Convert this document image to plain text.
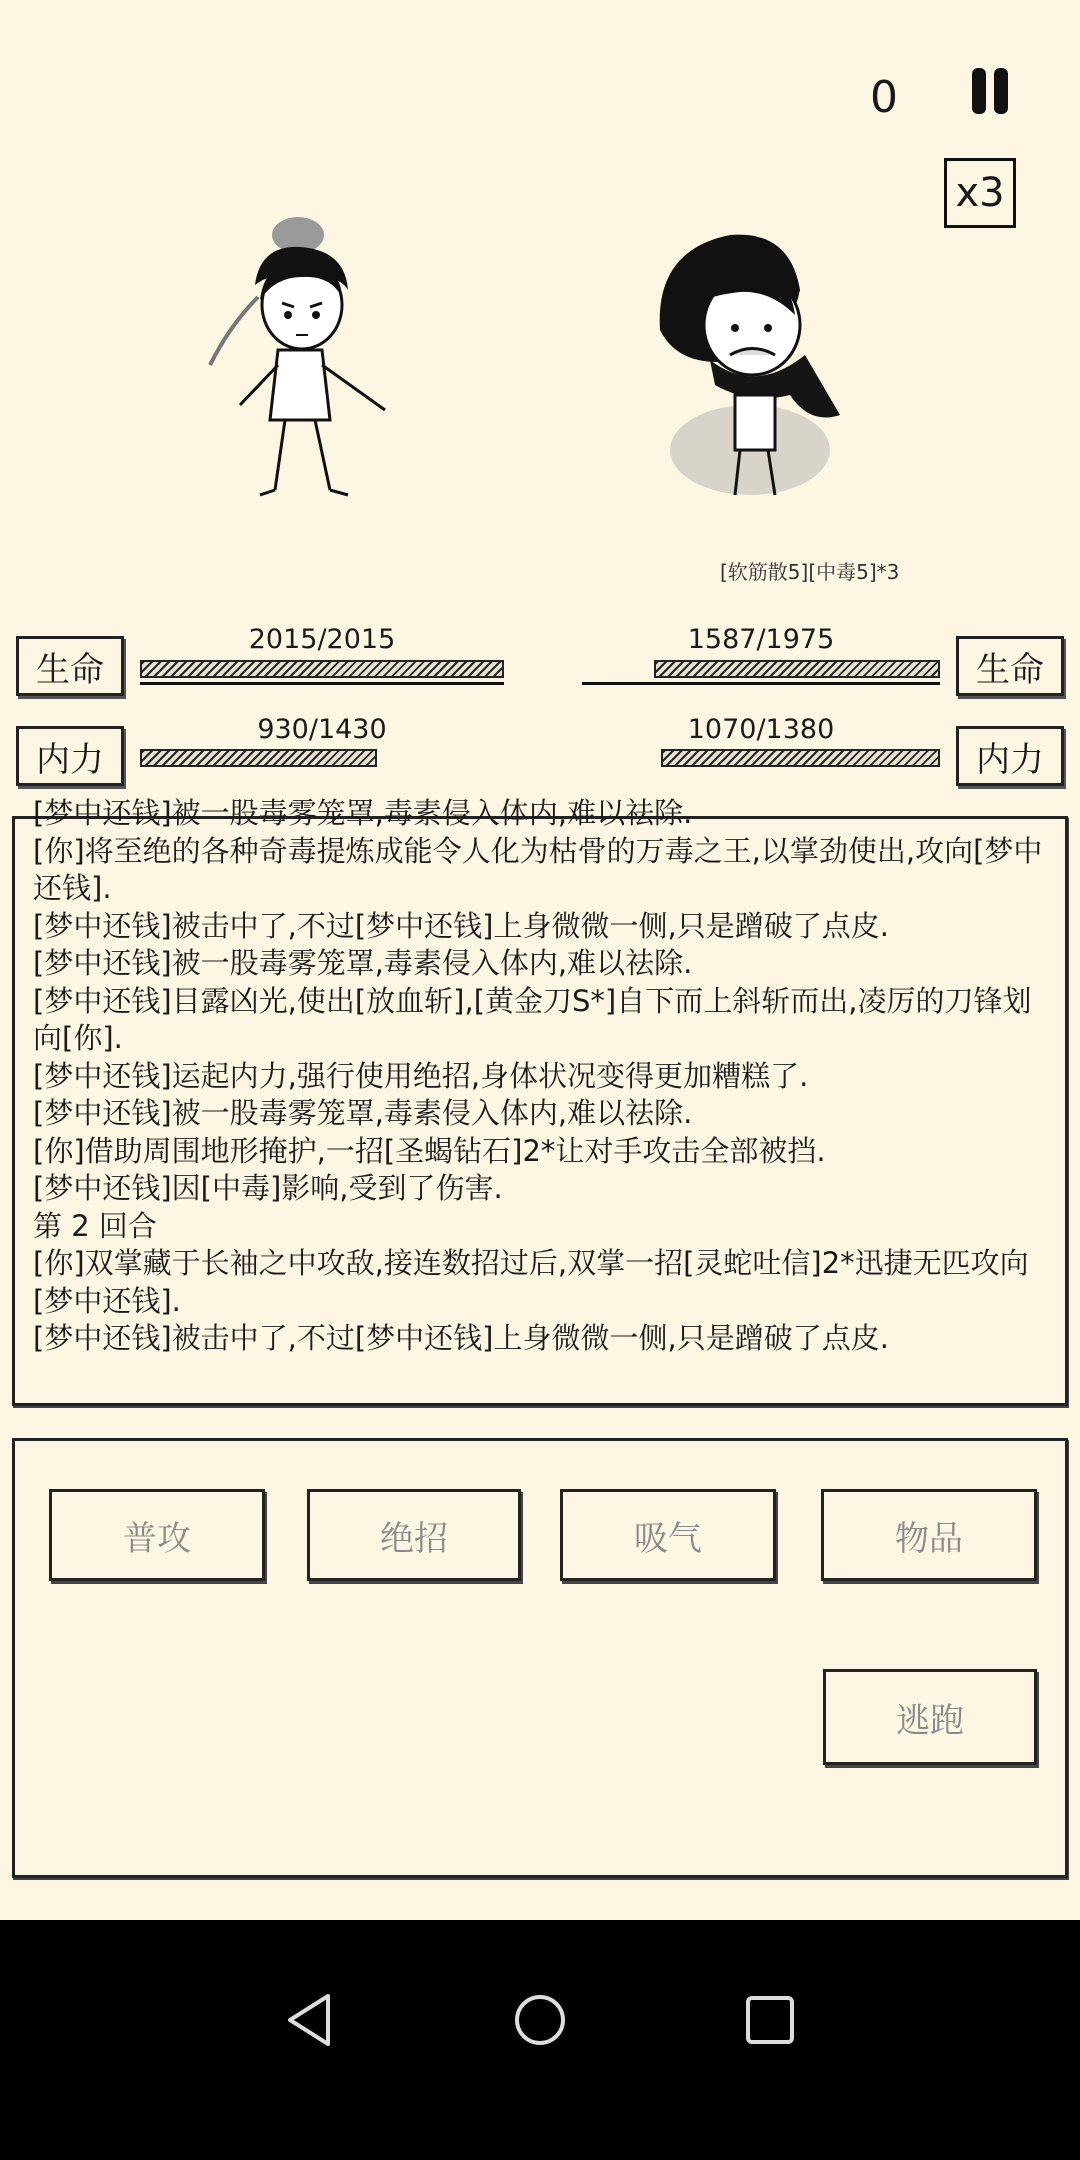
0
x3
[软筋散5][中毒5]*3
生命
2015/2015
内力
930/1430
生命
1587/1975
内力
1070/1380
[梦中还钱]被一股毒雾笼罩,毒素侵入体内,难以祛除.
[你]将至绝的各种奇毒提炼成能令人化为枯骨的万毒之王,以掌劲使出,攻向[梦中还钱].
[梦中还钱]被击中了,不过[梦中还钱]上身微微一侧,只是蹭破了点皮.
[梦中还钱]被一股毒雾笼罩,毒素侵入体内,难以祛除.
[梦中还钱]目露凶光,使出[放血斩],[黄金刀S*]自下而上斜斩而出,凌厉的刀锋划向[你].
[梦中还钱]运起内力,强行使用绝招,身体状况变得更加糟糕了.
[梦中还钱]被一股毒雾笼罩,毒素侵入体内,难以祛除.
[你]借助周围地形掩护,一招[圣蝎钻石]2*让对手攻击全部被挡.
[梦中还钱]因[中毒]影响,受到了伤害.
第 2 回合
[你]双掌藏于长袖之中攻敌,接连数招过后,双掌一招[灵蛇吐信]2*迅捷无匹攻向[梦中还钱].
[梦中还钱]被击中了,不过[梦中还钱]上身微微一侧,只是蹭破了点皮.
普攻	绝招	吸气	物品
逃跑
